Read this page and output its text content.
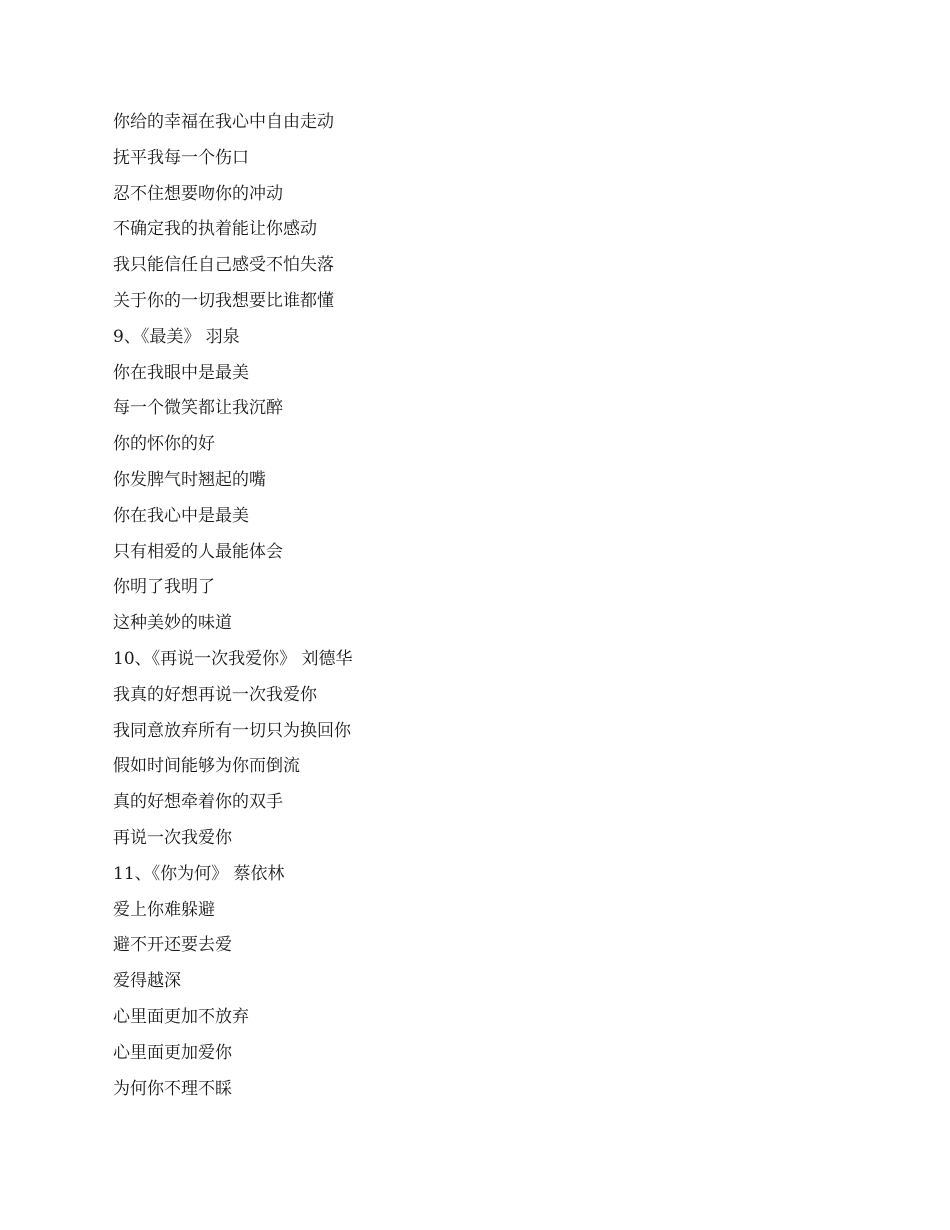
你给的幸福在我心中自由走动
抚平我每一个伤口
忍不住想要吻你的冲动
不确定我的执着能让你感动
我只能信任自己感受不怕失落
关于你的一切我想要比谁都懂
9、《最美》 羽泉
你在我眼中是最美
每一个微笑都让我沉醉
你的怀你的好
你发脾气时翘起的嘴
你在我心中是最美
只有相爱的人最能体会
你明了我明了
这种美妙的味道
10、《再说一次我爱你》 刘德华
我真的好想再说一次我爱你
我同意放弃所有一切只为换回你
假如时间能够为你而倒流
真的好想牵着你的双手
再说一次我爱你
11、《你为何》 蔡依林
爱上你难躲避
避不开还要去爱
爱得越深
心里面更加不放弃
心里面更加爱你
为何你不理不睬
